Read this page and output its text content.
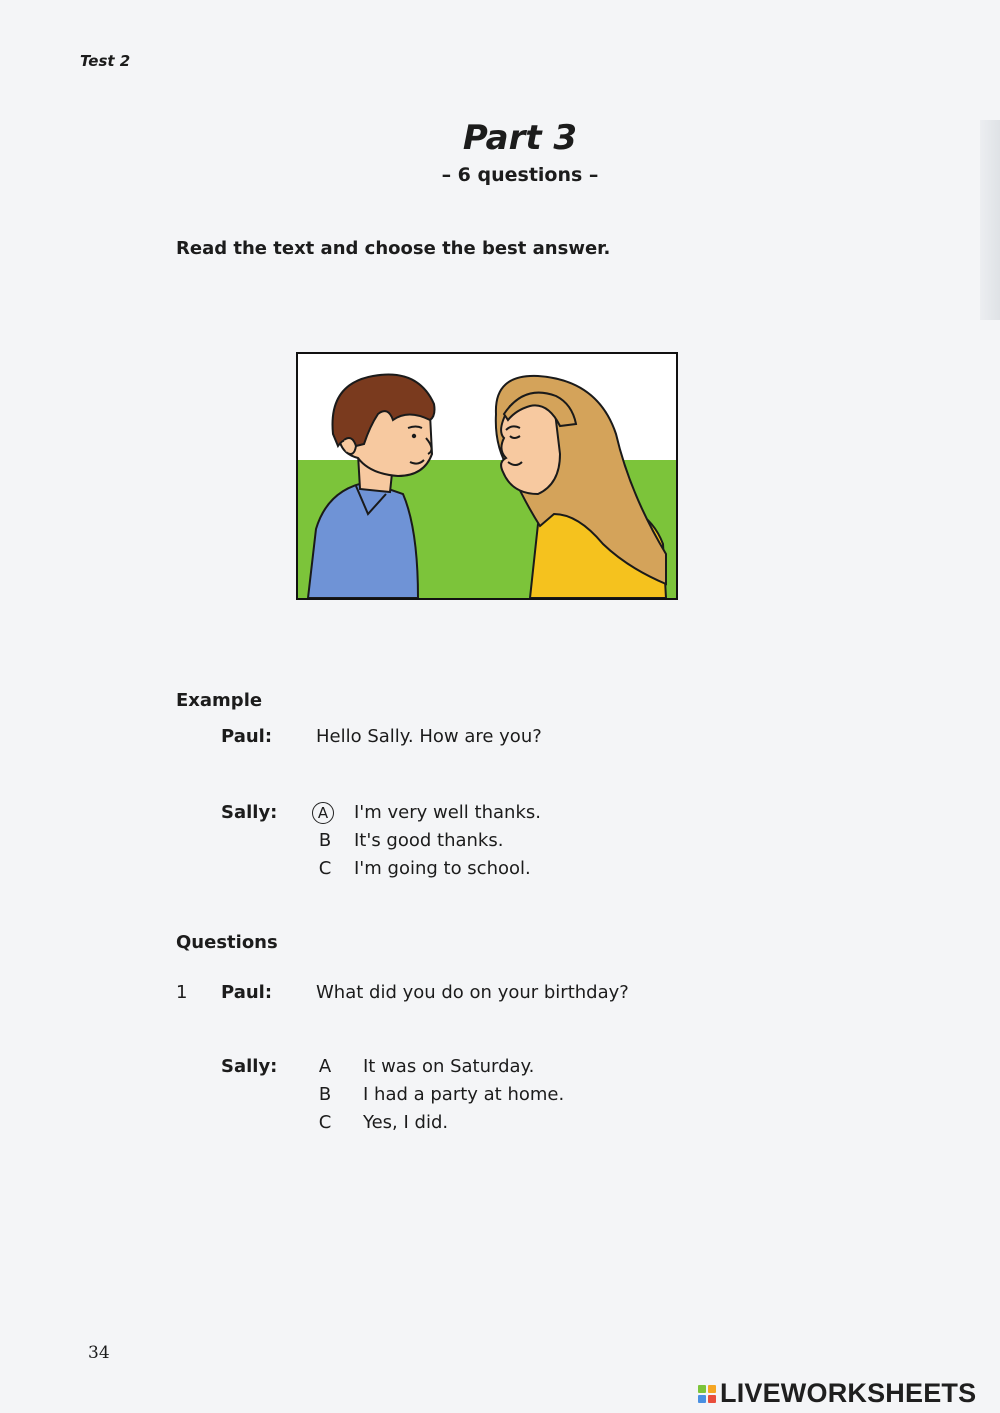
Test 2
Part 3
– 6 questions –
Read the text and choose the best answer.
Example
Paul: Hello Sally. How are you?
Sally:	A	I'm very well thanks.
B It's good thanks.
C I'm going to school.
Questions
1 Paul: What did you do on your birthday?
Sally: A It was on Saturday.
B I had a party at home.
C Yes, I did.
34
LIVEWORKSHEETS
